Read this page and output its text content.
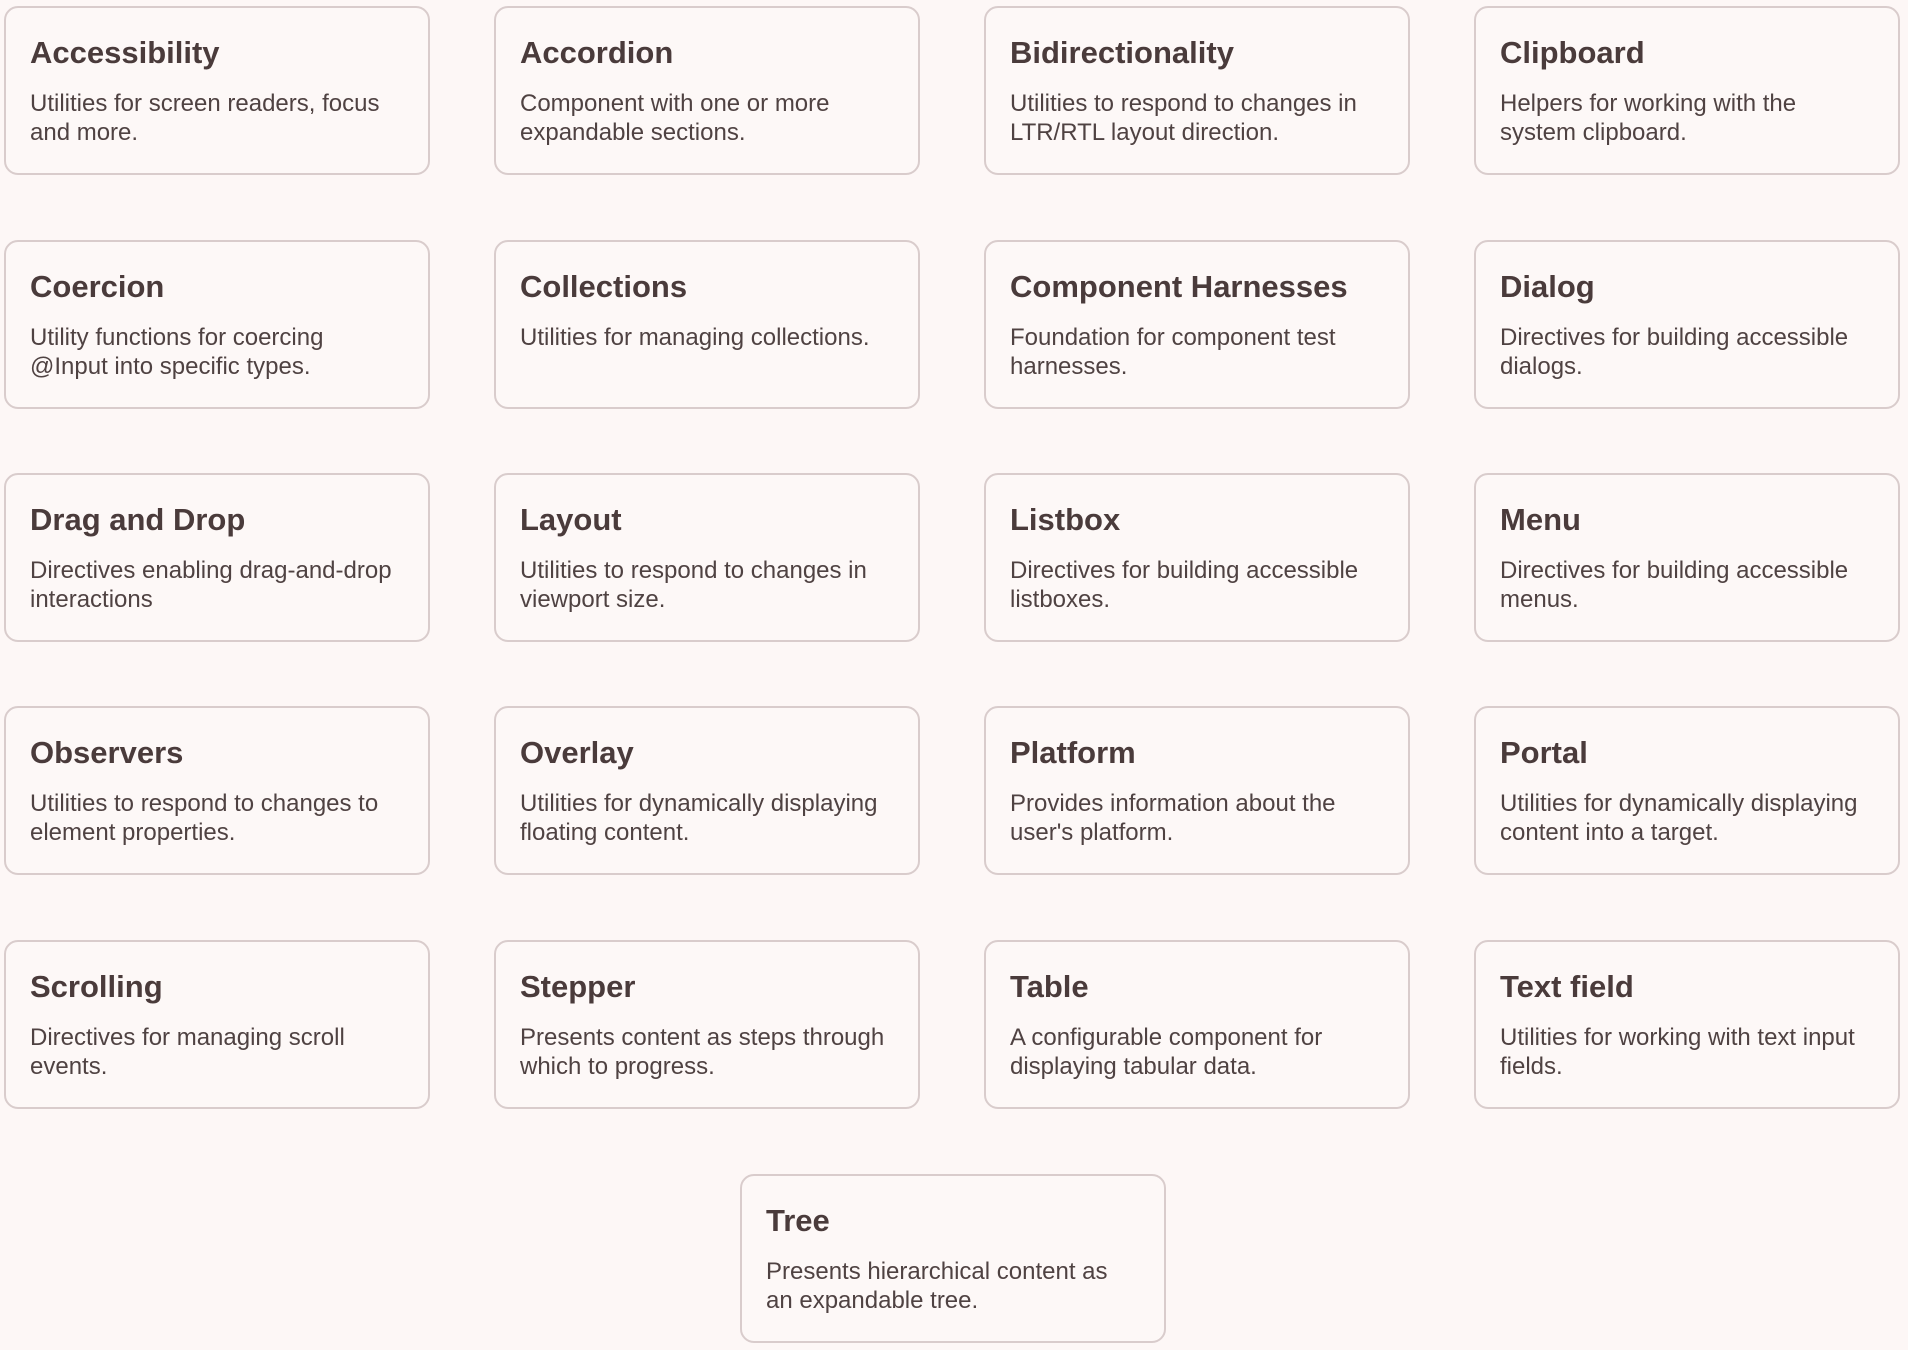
Accessibility

Utilities for screen readers, focus and more.

Accordion

Component with one or more expandable sections.

Bidirectionality

Utilities to respond to changes in LTR/RTL layout direction.

Clipboard

Helpers for working with the system clipboard.

Coercion

Utility functions for coercing @Input into specific types.

Collections

Utilities for managing collections.

Component Harnesses

Foundation for component test harnesses.

Dialog

Directives for building accessible dialogs.

Drag and Drop

Directives enabling drag-and-drop interactions

Layout

Utilities to respond to changes in viewport size.

Listbox

Directives for building accessible listboxes.

Menu

Directives for building accessible menus.

Observers

Utilities to respond to changes to element properties.

Overlay

Utilities for dynamically displaying floating content.

Platform

Provides information about the user's platform.

Portal

Utilities for dynamically displaying content into a target.

Scrolling

Directives for managing scroll events.

Stepper

Presents content as steps through which to progress.

Table

A configurable component for displaying tabular data.

Text field

Utilities for working with text input fields.

Tree

Presents hierarchical content as an expandable tree.
